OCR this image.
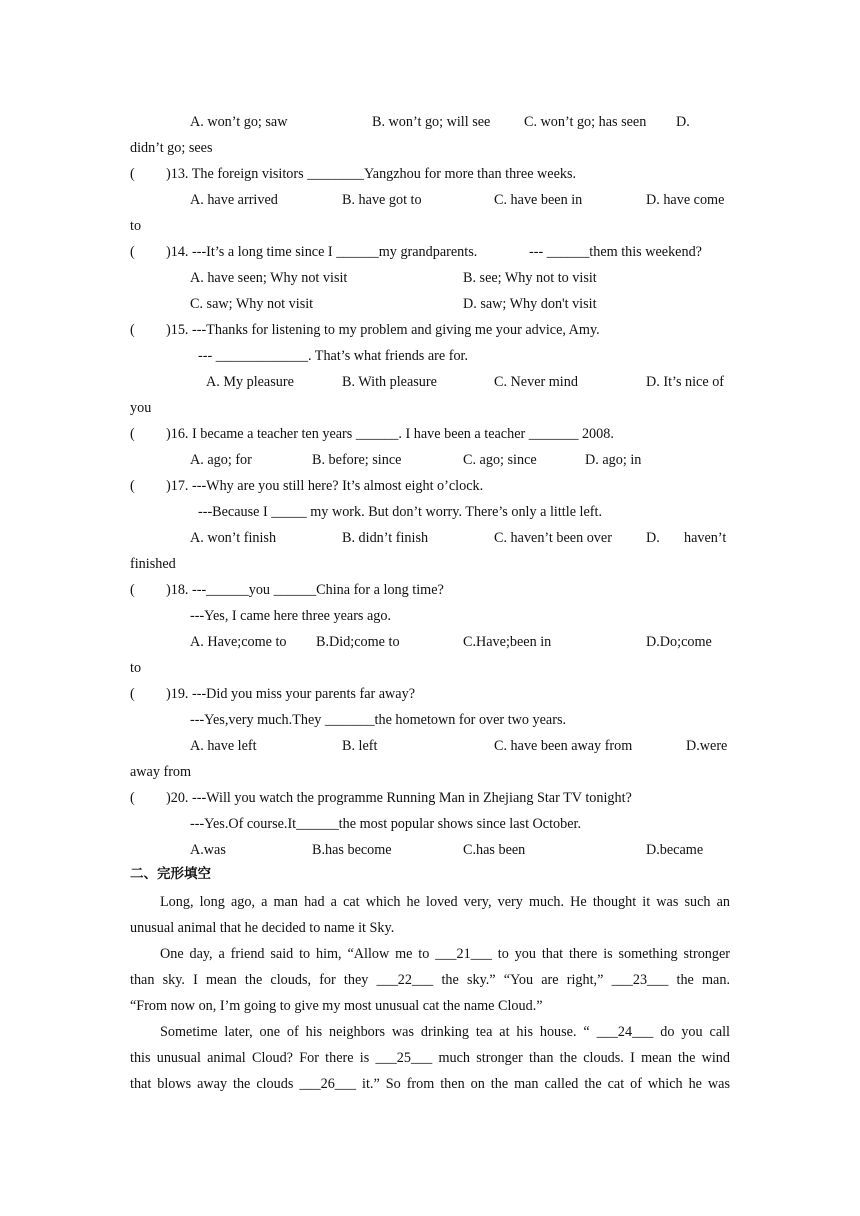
A. won’t go; saw	B. won’t go; will see C. won’t go; has seen D.
didn’t go; sees
( )13. The foreign visitors ________Yangzhou for more than three weeks.
A. have arrived	B. have got to	C. have been in	D. have come
to
( )14. ---It’s a long time since I ______my grandparents.	--- ______them this weekend?
A. have seen; Why not visit	B. see; Why not to visit
C. saw; Why not visit	D. saw; Why don't visit
( )15. ---Thanks for listening to my problem and giving me your advice, Amy.
--- _____________. That’s what friends are for.
A. My pleasure	B. With pleasure	C. Never mind	D. It’s nice of
you
( )16. I became a teacher ten years ______. I have been a teacher _______ 2008.
A. ago; for	B. before; since	C. ago; since	D. ago; in
( )17. ---Why are you still here? It’s almost eight o’clock.
---Because I _____ my work. But don’t worry. There’s only a little left.
A. won’t finish	B. didn’t finish	C. haven’t been over D. haven’t
finished
( )18. ---______you ______China for a long time?
---Yes, I came here three years ago.
A. Have;come to B.Did;come to	C.Have;been in	D.Do;come
to
( )19. ---Did you miss your parents far away?
---Yes,very much.They _______the hometown for over two years.
A. have left	B. left	C. have been away from	D.were
away from
( )20. ---Will you watch the programme Running Man in Zhejiang Star TV tonight?
---Yes.Of course.It______the most popular shows since last October.
A.was	B.has become	C.has been	D.became
二、完形填空
Long, long ago, a man had a cat which he loved very, very much. He thought it was such an
unusual animal that he decided to name it Sky.
One day, a friend said to him, “Allow me to ___21___ to you that there is something stronger
than sky. I mean the clouds, for they ___22___ the sky.” “You are right,” ___23___ the man.
“From now on, I’m going to give my most unusual cat the name Cloud.”
Sometime later, one of his neighbors was drinking tea at his house. “ ___24___ do you call
this unusual animal Cloud? For there is ___25___ much stronger than the clouds. I mean the wind
that blows away the clouds ___26___ it.” So from then on the man called the cat of which he was
